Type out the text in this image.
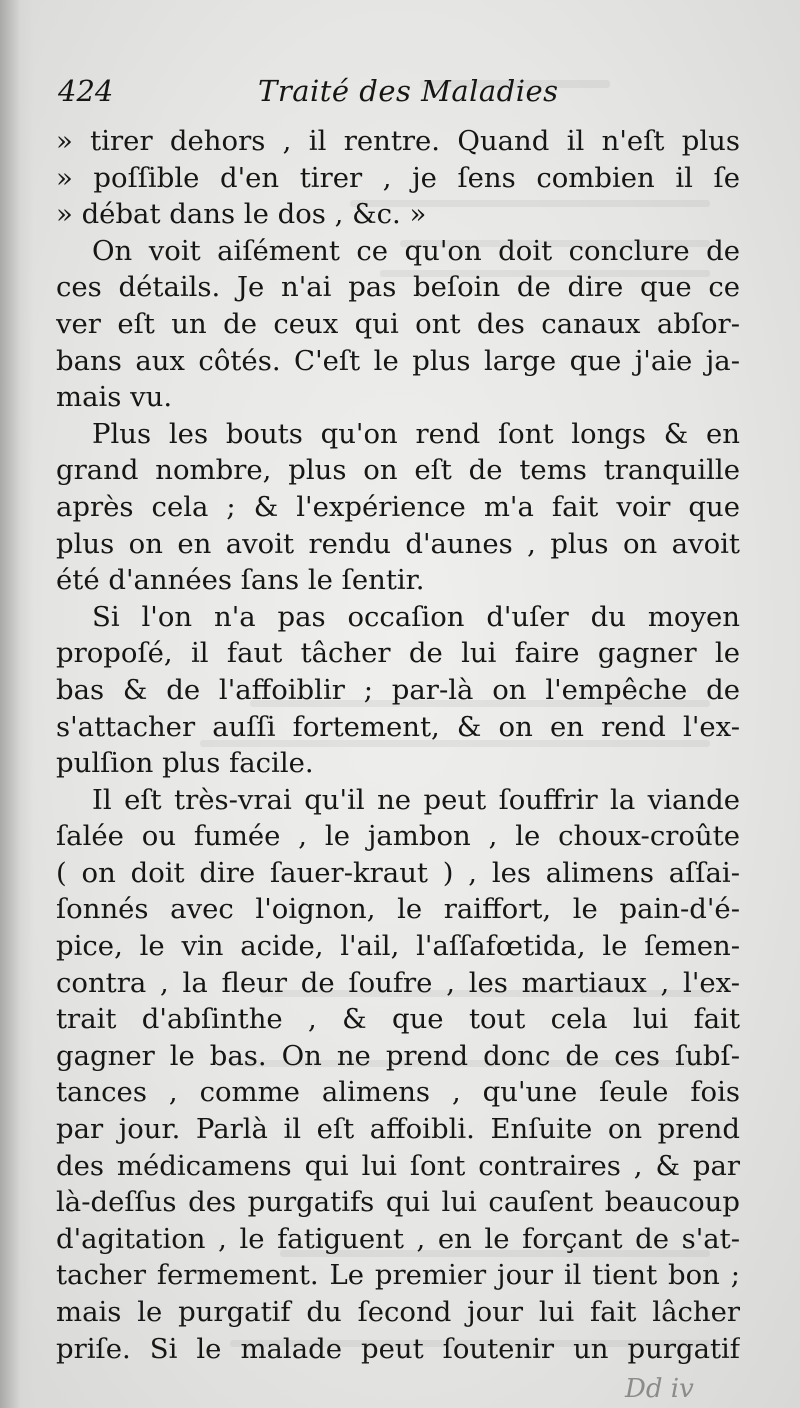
424	Traité des Maladies
» tirer dehors , il rentre. Quand il n'eſt plus
» poſſible d'en tirer , je ſens combien il ſe
» débat dans le dos , &c. »
On voit aiſément ce qu'on doit conclure de
ces détails. Je n'ai pas beſoin de dire que ce
ver eſt un de ceux qui ont des canaux abſor-
bans aux côtés. C'eſt le plus large que j'aie ja-
mais vu.
Plus les bouts qu'on rend ſont longs & en
grand nombre, plus on eſt de tems tranquille
après cela ; & l'expérience m'a fait voir que
plus on en avoit rendu d'aunes , plus on avoit
été d'années ſans le ſentir.
Si l'on n'a pas occaſion d'uſer du moyen
propoſé, il faut tâcher de lui faire gagner le
bas & de l'affoiblir ; par-là on l'empêche de
s'attacher auſſi fortement, & on en rend l'ex-
pulſion plus facile.
Il eſt très-vrai qu'il ne peut ſouffrir la viande
ſalée ou fumée , le jambon , le choux-croûte
( on doit dire ſauer-kraut ) , les alimens aſſai-
ſonnés avec l'oignon, le raiffort, le pain-d'é-
pice, le vin acide, l'ail, l'aſſafœtida, le ſemen-
contra , la fleur de ſoufre , les martiaux , l'ex-
trait d'abſinthe , & que tout cela lui fait
gagner le bas. On ne prend donc de ces ſubſ-
tances , comme alimens , qu'une ſeule fois
par jour. Parlà il eſt affoibli. Enſuite on prend
des médicamens qui lui ſont contraires , & par
là-deſſus des purgatifs qui lui cauſent beaucoup
d'agitation , le fatiguent , en le forçant de s'at-
tacher fermement. Le premier jour il tient bon ;
mais le purgatif du ſecond jour lui fait lâcher
priſe. Si le malade peut ſoutenir un purgatif
Dd iv
